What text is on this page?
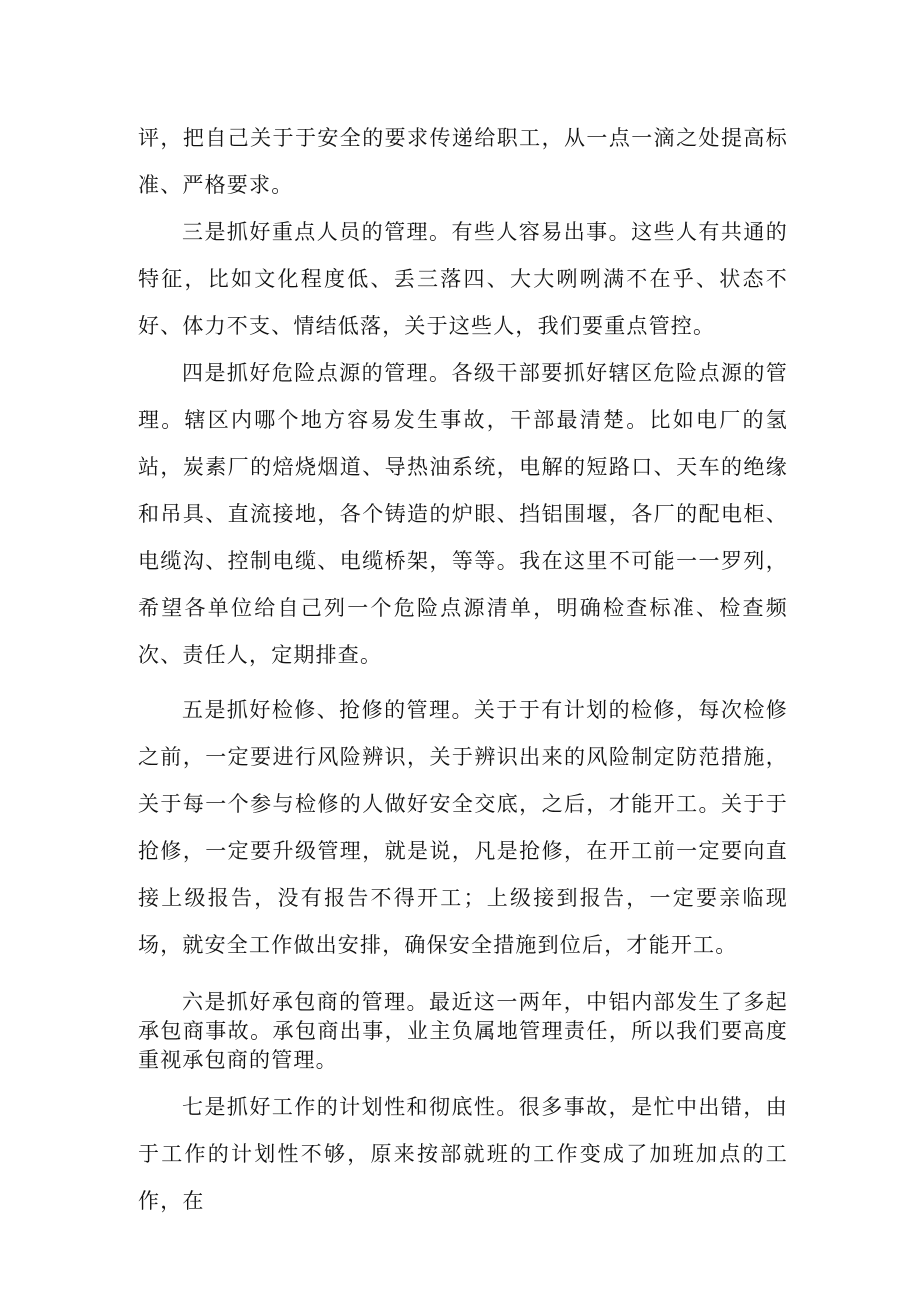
评，把自己关于于安全的要求传递给职工，从一点一滴之处提高标准、严格要求。

三是抓好重点人员的管理。有些人容易出事。这些人有共通的特征，比如文化程度低、丢三落四、大大咧咧满不在乎、状态不好、体力不支、情结低落，关于这些人，我们要重点管控。

四是抓好危险点源的管理。各级干部要抓好辖区危险点源的管理。辖区内哪个地方容易发生事故，干部最清楚。比如电厂的氢站，炭素厂的焙烧烟道、导热油系统，电解的短路口、天车的绝缘和吊具、直流接地，各个铸造的炉眼、挡铝围堰，各厂的配电柜、电缆沟、控制电缆、电缆桥架，等等。我在这里不可能一一罗列，希望各单位给自己列一个危险点源清单，明确检查标准、检查频次、责任人，定期排查。

五是抓好检修、抢修的管理。关于于有计划的检修，每次检修之前，一定要进行风险辨识，关于辨识出来的风险制定防范措施，关于每一个参与检修的人做好安全交底，之后，才能开工。关于于抢修，一定要升级管理，就是说，凡是抢修，在开工前一定要向直接上级报告，没有报告不得开工；上级接到报告，一定要亲临现场，就安全工作做出安排，确保安全措施到位后，才能开工。

六是抓好承包商的管理。最近这一两年，中铝内部发生了多起承包商事故。承包商出事，业主负属地管理责任，所以我们要高度重视承包商的管理。

七是抓好工作的计划性和彻底性。很多事故，是忙中出错，由于工作的计划性不够，原来按部就班的工作变成了加班加点的工作，在
